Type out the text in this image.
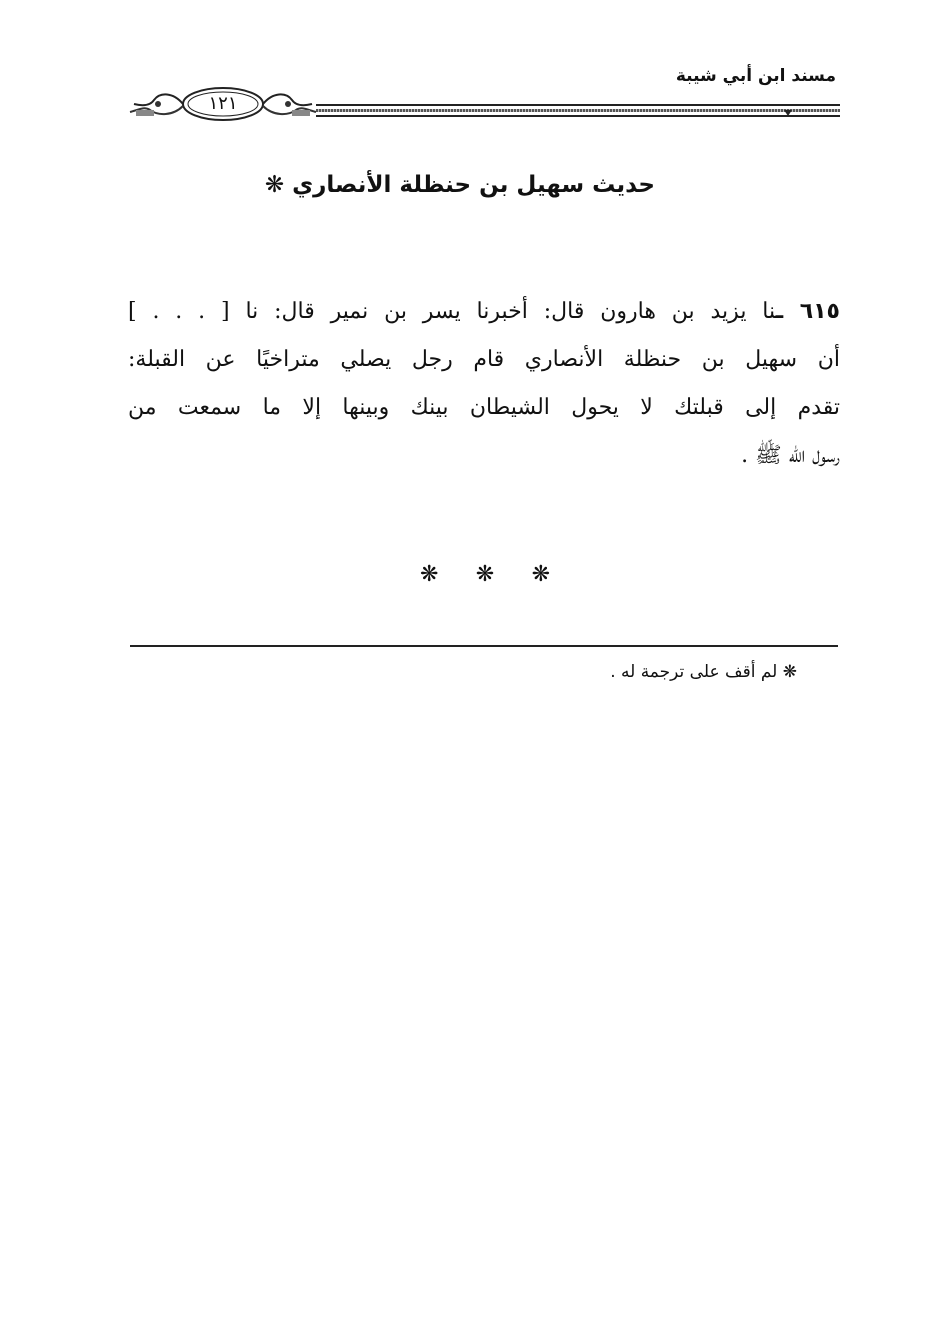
مسند ابن أبي شيبة
١٢١
حديث سهيل بن حنظلة الأنصاري ❋
٦١٥ ـنا يزيد بن هارون قال: أخبرنا يسر بن نمير قال: نا [ . . . ]
أن سهيل بن حنظلة الأنصاري قام رجل يصلي متراخيًا عن القبلة:
تقدم إلى قبلتك لا يحول الشيطان بينك وبينها إلا ما سمعت من
رسول الله ﷺ .
❋ ❋ ❋
❋ لم أقف على ترجمة له .
